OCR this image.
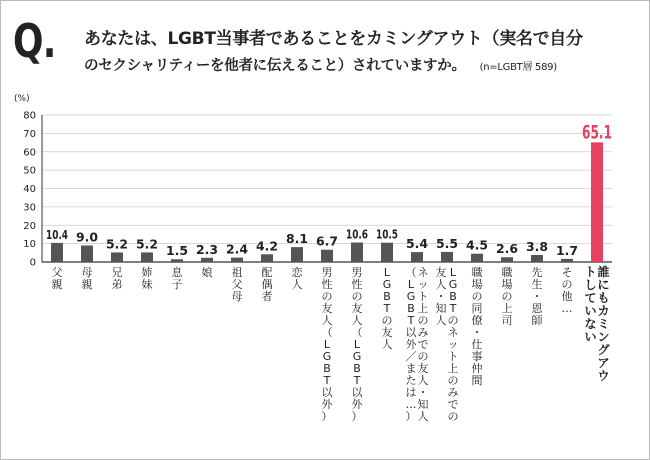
Q. あなたは、LGBT当事者であることをカミングアウト（実名で自分
のセクシャリティーを他者に伝えること）されていますか。 (n=LGBT層 589)
(%)
0
10
20
30
40
50
60
70
80
10.4 9.0 5.2 5.2 1.5 2.3 2.4 4.2
8.1 6.7
10.6 10.5
5.4 5.5 4.5 2.6 3.8 1.7
65.1
父親
母親
兄弟
姉妹
息子
娘 祖父母
配偶者
恋人
男性の友人（ L G B T 以外）
男性の友人（ L G B T 以外）
L G B T の友人
ネット上のみでの友人・知人（ L G B T 以外／または…）
L G B T のネット上のみでの友人・知人
職場の同僚・仕事仲間
職場の上司
先生・恩師
その他…
誰にもカミングアウトしていない
